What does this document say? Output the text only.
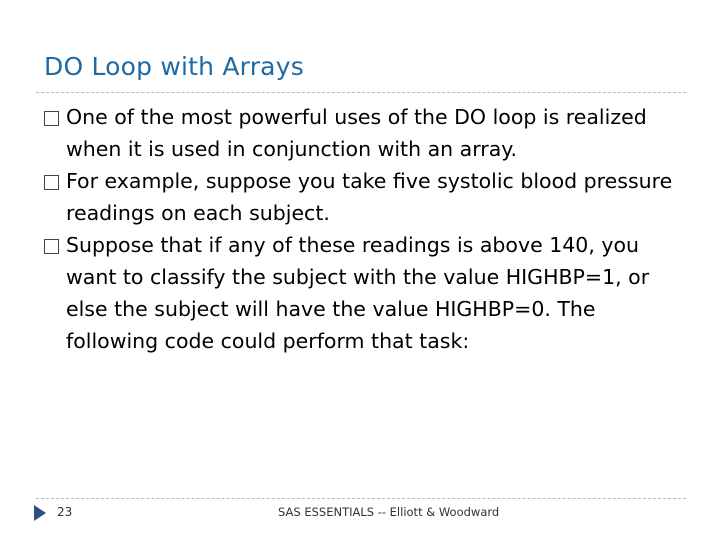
DO Loop with Arrays
One of the most powerful uses of the DO loop is realized when it is used in conjunction with an array.
For example, suppose you take five systolic blood pressure readings on each subject.
Suppose that if any of these readings is above 140, you want to classify the subject with the value HIGHBP=1, or else the subject will have the value HIGHBP=0. The following code could perform that task:
23	SAS ESSENTIALS -- Elliott & Woodward
